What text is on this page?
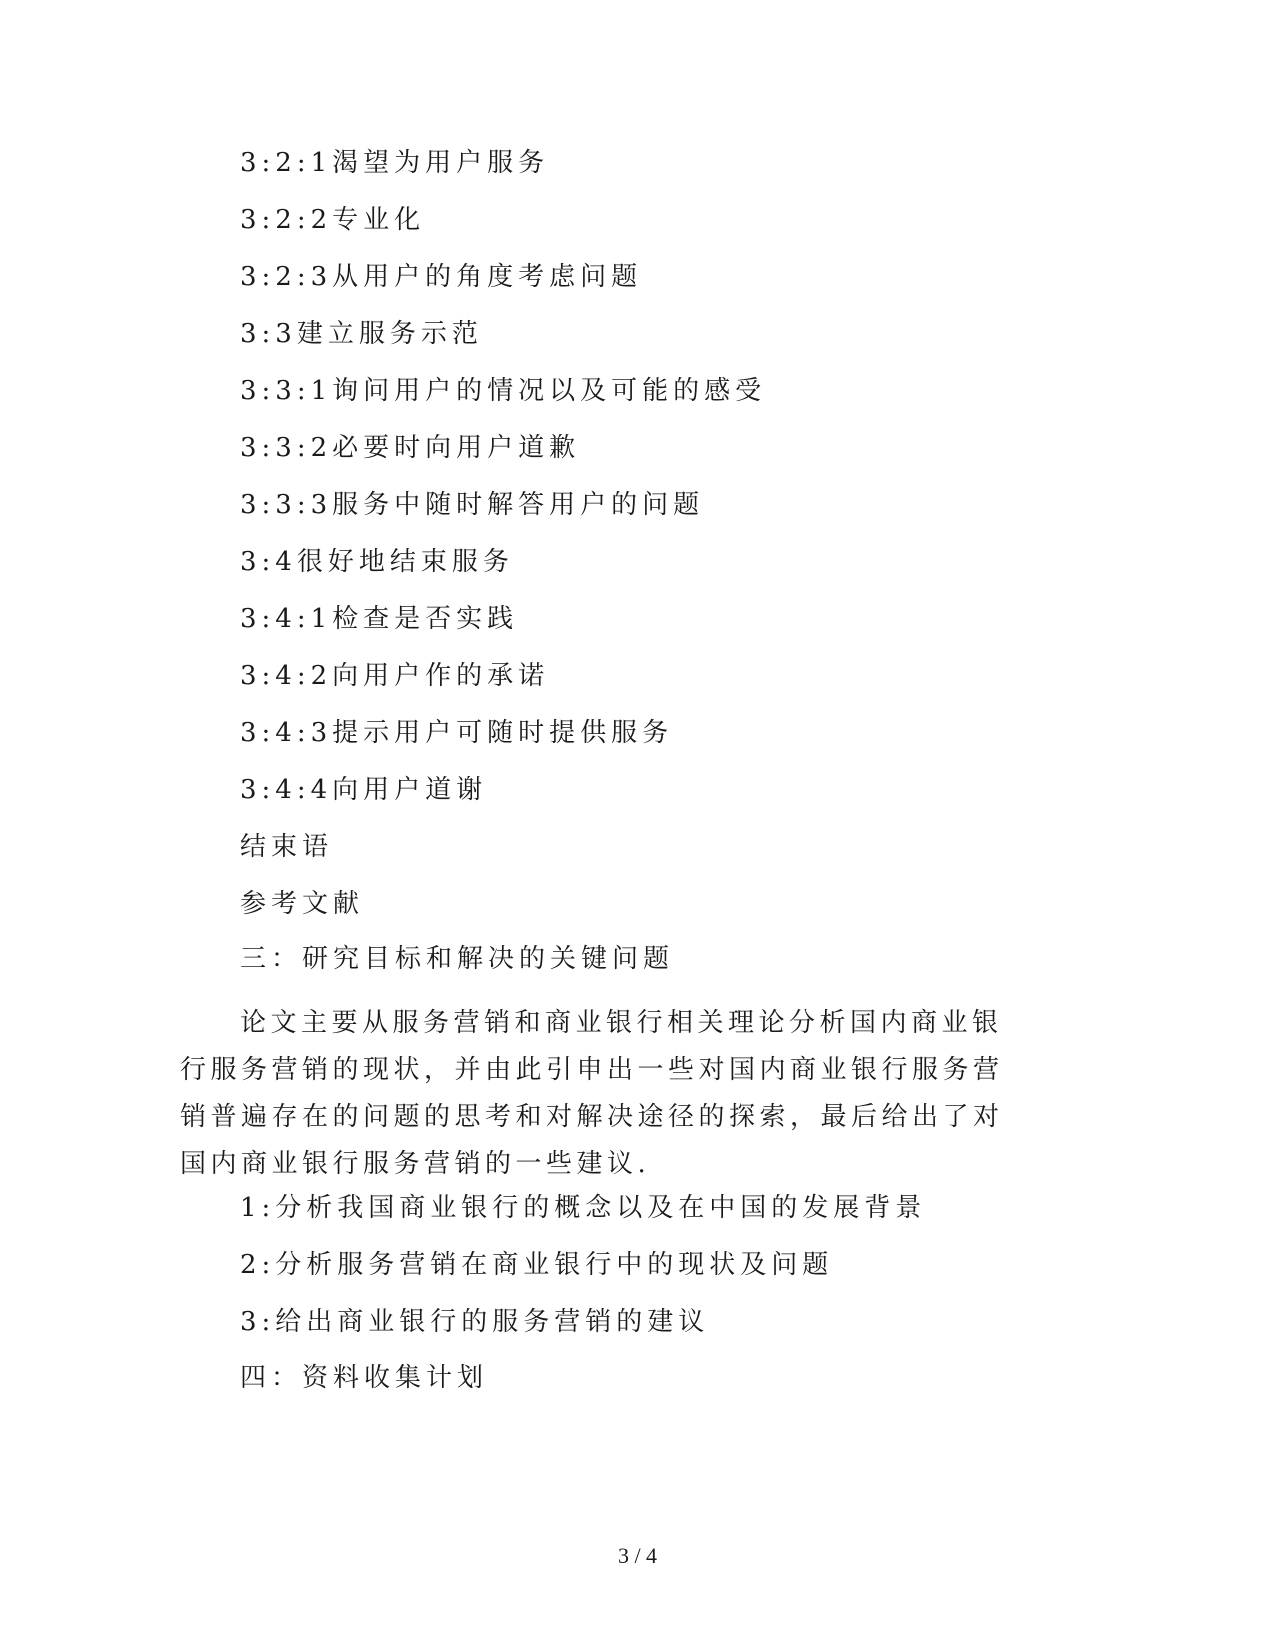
3:2:1渴望为用户服务
3:2:2专业化
3:2:3从用户的角度考虑问题
3:3建立服务示范
3:3:1询问用户的情况以及可能的感受
3:3:2必要时向用户道歉
3:3:3服务中随时解答用户的问题
3:4很好地结束服务
3:4:1检查是否实践
3:4:2向用户作的承诺
3:4:3提示用户可随时提供服务
3:4:4向用户道谢
结束语
参考文献
三：研究目标和解决的关键问题
论文主要从服务营销和商业银行相关理论分析国内商业银行服务营销的现状，并由此引申出一些对国内商业银行服务营销普遍存在的问题的思考和对解决途径的探索，最后给出了对国内商业银行服务营销的一些建议.
1:分析我国商业银行的概念以及在中国的发展背景
2:分析服务营销在商业银行中的现状及问题
3:给出商业银行的服务营销的建议
四：资料收集计划
3 / 4
